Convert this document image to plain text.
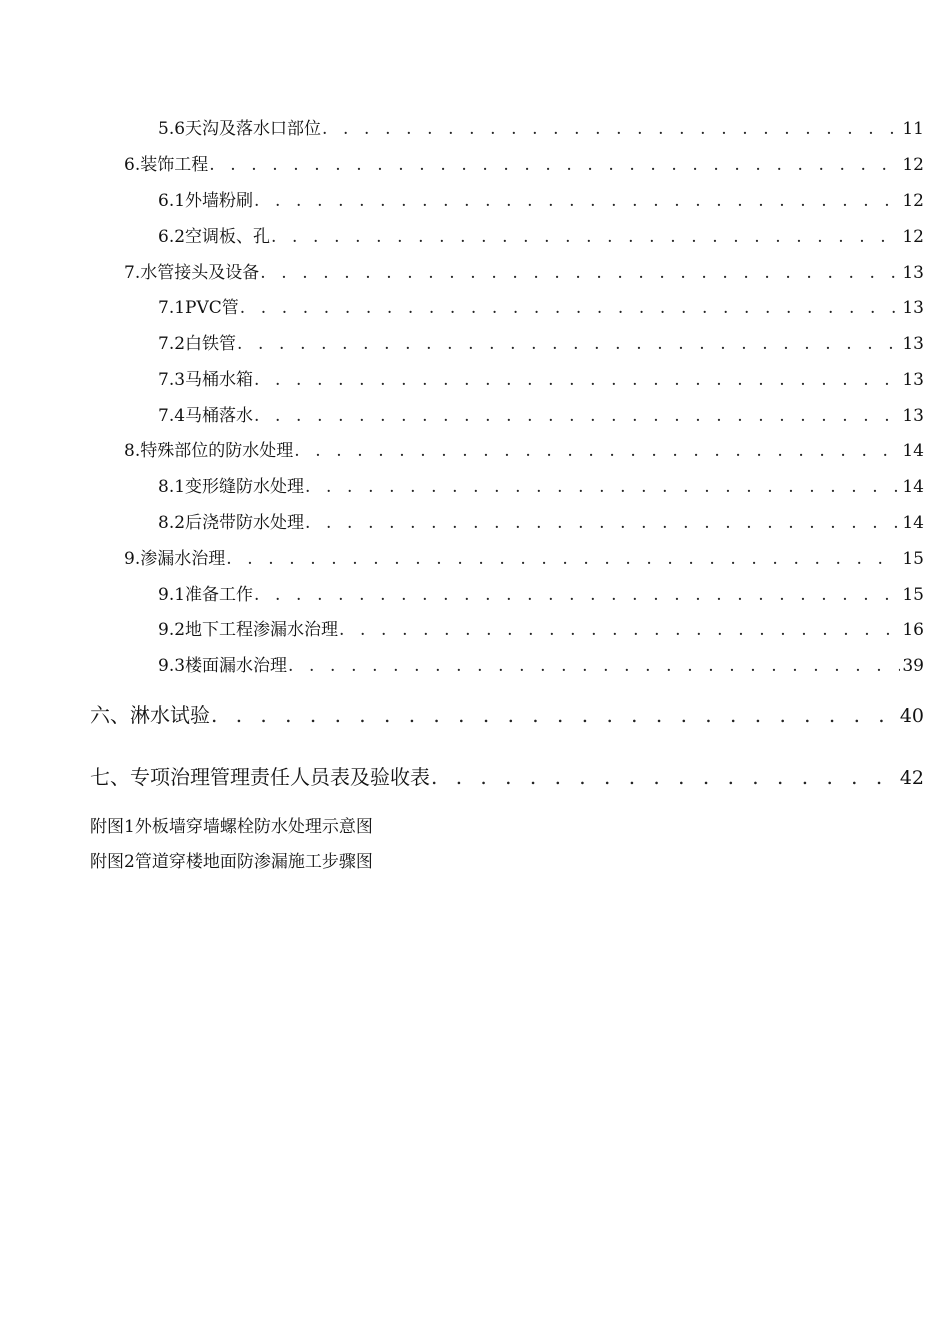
5.6 天沟及落水口部位 . . .	11
6. 装饰工程 . . .	12
6.1 外墙粉刷 . . .	12
6.2 空调板、孔 . . .	12
7. 水管接头及设备 . . .	13
7.1 PVC管 . . .	13
7.2 白铁管 . . .	13
7.3 马桶水箱 . . .	13
7.4 马桶落水 . . .	13
8. 特殊部位的防水处理 . . .	14
8.1 变形缝防水处理 . . .	14
8.2 后浇带防水处理 . . .	14
9. 渗漏水治理 . . .	15
9.1 准备工作 . . .	15
9.2 地下工程渗漏水治理 . . .	16
9.3 楼面漏水治理 . . .	39
六、 淋水试验 . . .	40
七、 专项治理管理责任人员表及验收表 . . .	42
附图1外板墙穿墙螺栓防水处理示意图
附图2管道穿楼地面防渗漏施工步骤图
